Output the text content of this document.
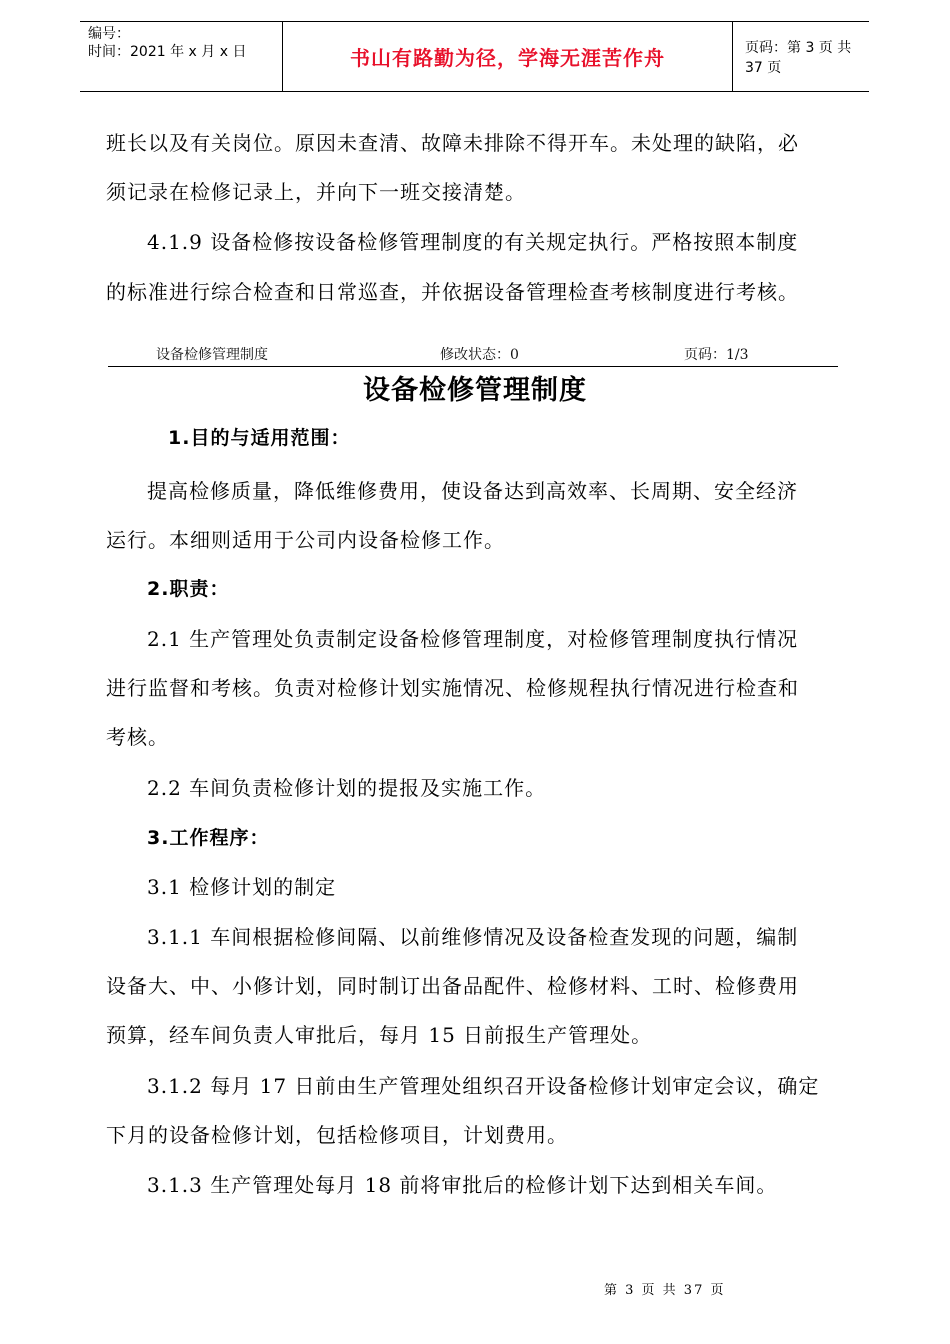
编号：
时间：2021 年 x 月 x 日	书山有路勤为径，学海无涯苦作舟	页码：第 3 页 共 37 页
班长以及有关岗位。原因未查清、故障未排除不得开车。未处理的缺陷，必
须记录在检修记录上，并向下一班交接清楚。
4.1.9 设备检修按设备检修管理制度的有关规定执行。严格按照本制度
的标准进行综合检查和日常巡查，并依据设备管理检查考核制度进行考核。
设备检修管理制度	修改状态：0	页码：1/3
设备检修管理制度
1.目的与适用范围：
提高检修质量，降低维修费用，使设备达到高效率、长周期、安全经济
运行。本细则适用于公司内设备检修工作。
2.职责：
2.1 生产管理处负责制定设备检修管理制度，对检修管理制度执行情况
进行监督和考核。负责对检修计划实施情况、检修规程执行情况进行检查和
考核。
2.2 车间负责检修计划的提报及实施工作。
3.工作程序：
3.1 检修计划的制定
3.1.1 车间根据检修间隔、以前维修情况及设备检查发现的问题，编制
设备大、中、小修计划，同时制订出备品配件、检修材料、工时、检修费用
预算，经车间负责人审批后，每月 15 日前报生产管理处。
3.1.2 每月 17 日前由生产管理处组织召开设备检修计划审定会议，确定
下月的设备检修计划，包括检修项目，计划费用。
3.1.3 生产管理处每月 18 前将审批后的检修计划下达到相关车间。
第 3 页 共 37 页
